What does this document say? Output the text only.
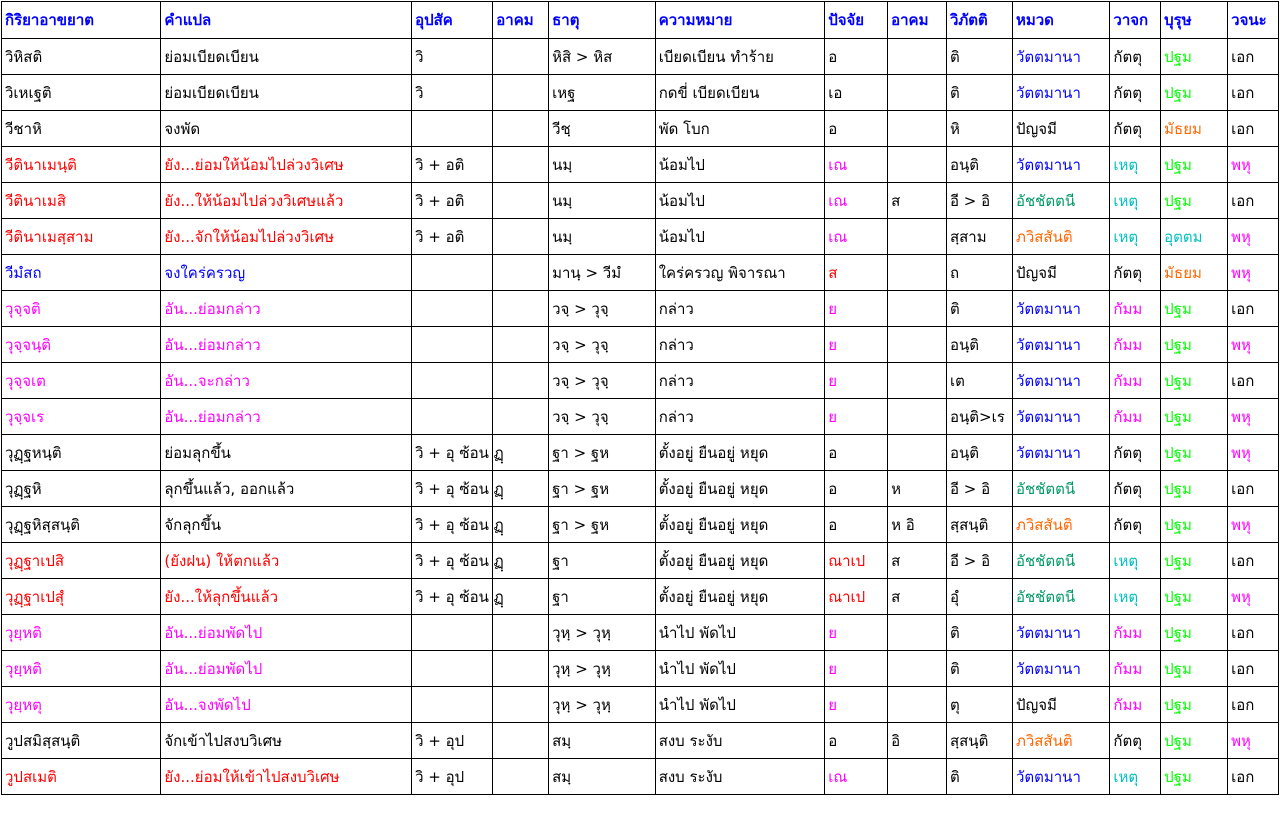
กิริยาอาขยาต	คำแปล	อุปสัค	อาคม	ธาตุ	ความหมาย	ปัจจัย	อาคม	วิภัตติ	หมวด	วาจก	บุรุษ	วจนะ
วิหิสติ	ย่อมเบียดเบียน	วิ		หิสิ > หิส	เบียดเบียน ทำร้าย	อ		ติ	วัตตมานา	กัตตุ	ปฐม	เอก
วิเหเฐติ	ย่อมเบียดเบียน	วิ		เหฐ	กดขี่ เบียดเบียน	เอ		ติ	วัตตมานา	กัตตุ	ปฐม	เอก
วีชาหิ	จงพัด			วีชฺ	พัด โบก	อ		หิ	ปัญจมี	กัตตุ	มัธยม	เอก
วีตินาเมนฺติ	ยัง...ย่อมให้น้อมไปล่วงวิเศษ	วิ + อติ		นมฺ	น้อมไป	เณ		อนฺติ	วัตตมานา	เหตุ	ปฐม	พหุ
วีตินาเมสิ	ยัง...ให้น้อมไปล่วงวิเศษแล้ว	วิ + อติ		นมฺ	น้อมไป	เณ	ส	อี > อิ	อัชชัตตนี	เหตุ	ปฐม	เอก
วีตินาเมสฺสาม	ยัง...จักให้น้อมไปล่วงวิเศษ	วิ + อติ		นมฺ	น้อมไป	เณ		สฺสาม	ภวิสสันติ	เหตุ	อุตตม	พหุ
วีมํสถ	จงใคร่ครวญ			มานฺ > วีมํ	ใคร่ครวญ พิจารณา	ส		ถ	ปัญจมี	กัตตุ	มัธยม	พหุ
วุจฺจติ	อัน...ย่อมกล่าว			วจฺ > วุจฺ	กล่าว	ย		ติ	วัตตมานา	กัมม	ปฐม	เอก
วุจฺจนฺติ	อัน...ย่อมกล่าว			วจฺ > วุจฺ	กล่าว	ย		อนฺติ	วัตตมานา	กัมม	ปฐม	พหุ
วุจฺจเต	อัน...จะกล่าว			วจฺ > วุจฺ	กล่าว	ย		เต	วัตตมานา	กัมม	ปฐม	เอก
วุจฺจเร	อัน...ย่อมกล่าว			วจฺ > วุจฺ	กล่าว	ย		อนฺติ>เร	วัตตมานา	กัมม	ปฐม	พหุ
วุฏฺฐหนฺติ	ย่อมลุกขึ้น	วิ + อุ ซ้อน ฏฺ		ฐา > ฐห	ตั้งอยู่ ยืนอยู่ หยุด	อ		อนฺติ	วัตตมานา	กัตตุ	ปฐม	พหุ
วุฏฺฐหิ	ลุกขึ้นแล้ว, ออกแล้ว	วิ + อุ ซ้อน ฏฺ		ฐา > ฐห	ตั้งอยู่ ยืนอยู่ หยุด	อ	ห	อี > อิ	อัชชัตตนี	กัตตุ	ปฐม	เอก
วุฏฺฐหิสฺสนฺติ	จักลุกขึ้น	วิ + อุ ซ้อน ฏฺ		ฐา > ฐห	ตั้งอยู่ ยืนอยู่ หยุด	อ	ห อิ	สฺสนฺติ	ภวิสสันติ	กัตตุ	ปฐม	พหุ
วุฏฺฐาเปสิ	(ยังฝน) ให้ตกแล้ว	วิ + อุ ซ้อน ฏฺ		ฐา	ตั้งอยู่ ยืนอยู่ หยุด	ณาเป	ส	อี > อิ	อัชชัตตนี	เหตุ	ปฐม	เอก
วุฏฺฐาเปสุํ	ยัง...ให้ลุกขึ้นแล้ว	วิ + อุ ซ้อน ฏฺ		ฐา	ตั้งอยู่ ยืนอยู่ หยุด	ณาเป	ส	อุํ	อัชชัตตนี	เหตุ	ปฐม	พหุ
วุยฺหติ	อัน...ย่อมพัดไป			วุหฺ > วุหฺ	นำไป พัดไป	ย		ติ	วัตตมานา	กัมม	ปฐม	เอก
วุยฺหติ	อัน...ย่อมพัดไป			วุหฺ > วุหฺ	นำไป พัดไป	ย		ติ	วัตตมานา	กัมม	ปฐม	เอก
วุยฺหตุ	อัน...จงพัดไป			วุหฺ > วุหฺ	นำไป พัดไป	ย		ตุ	ปัญจมี	กัมม	ปฐม	เอก
วูปสมิสฺสนฺติ	จักเข้าไปสงบวิเศษ	วิ + อุป		สมฺ	สงบ ระงับ	อ	อิ	สฺสนฺติ	ภวิสสันติ	กัตตุ	ปฐม	พหุ
วูปสเมติ	ยัง...ย่อมให้เข้าไปสงบวิเศษ	วิ + อุป		สมฺ	สงบ ระงับ	เณ		ติ	วัตตมานา	เหตุ	ปฐม	เอก
